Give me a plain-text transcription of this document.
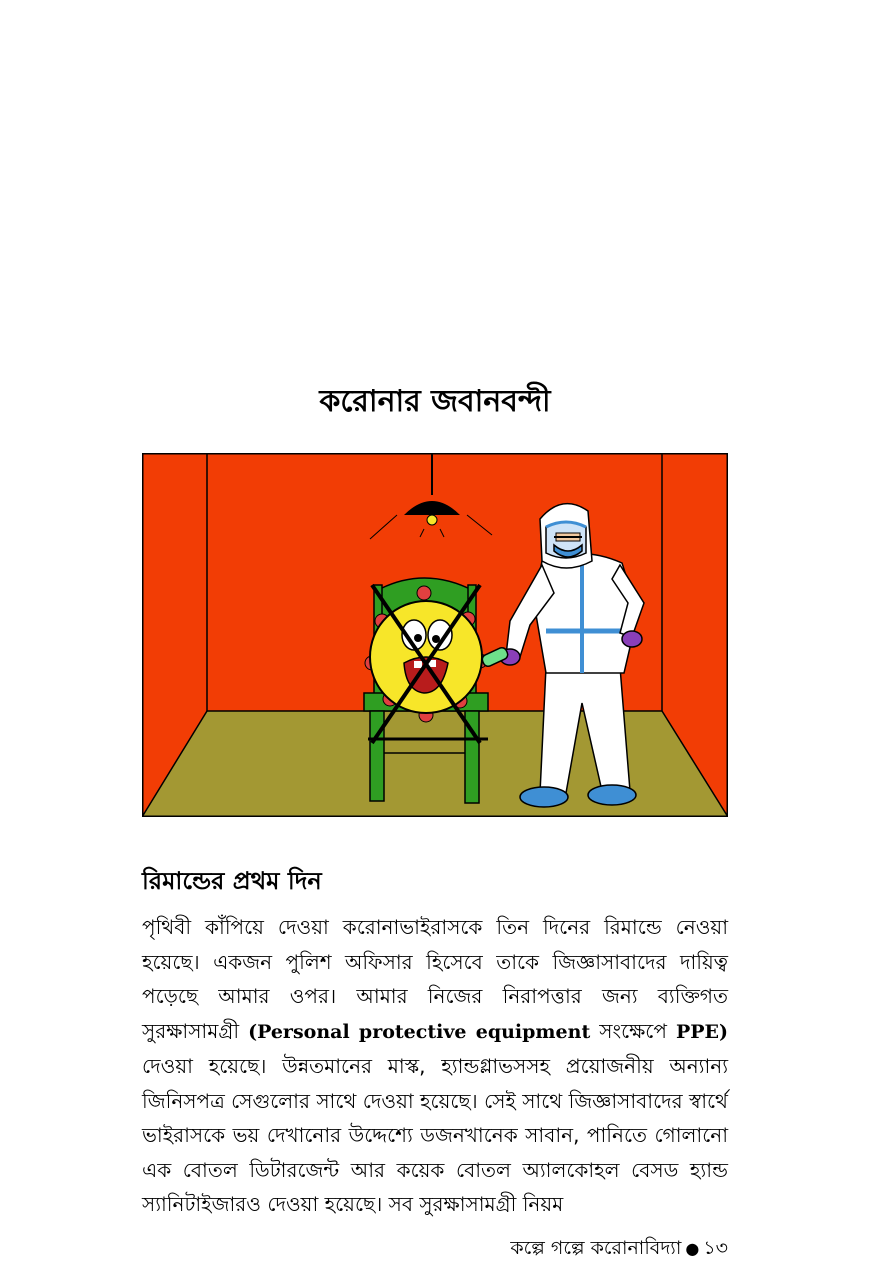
করোনার জবানবন্দী
রিমান্ডের প্রথম দিন

পৃথিবী কাঁপিয়ে দেওয়া করোনাভাইরাসকে তিন দিনের রিমান্ডে নেওয়া হয়েছে। একজন পুলিশ অফিসার হিসেবে তাকে জিজ্ঞাসাবাদের দায়িত্ব পড়েছে আমার ওপর। আমার নিজের নিরাপত্তার জন্য ব্যক্তিগত সুরক্ষাসামগ্রী (Personal protective equipment সংক্ষেপে PPE) দেওয়া হয়েছে। উন্নতমানের মাস্ক, হ্যান্ডগ্লাভসসহ প্রয়োজনীয় অন্যান্য জিনিসপত্র সেগুলোর সাথে দেওয়া হয়েছে। সেই সাথে জিজ্ঞাসাবাদের স্বার্থে ভাইরাসকে ভয় দেখানোর উদ্দেশ্যে ডজনখানেক সাবান, পানিতে গোলানো এক বোতল ডিটারজেন্ট আর কয়েক বোতল অ্যালকোহল বেসড হ্যান্ড স্যানিটাইজারও দেওয়া হয়েছে। সব সুরক্ষাসামগ্রী নিয়ম

কল্পে গল্পে করোনাবিদ্যা ● ১৩
